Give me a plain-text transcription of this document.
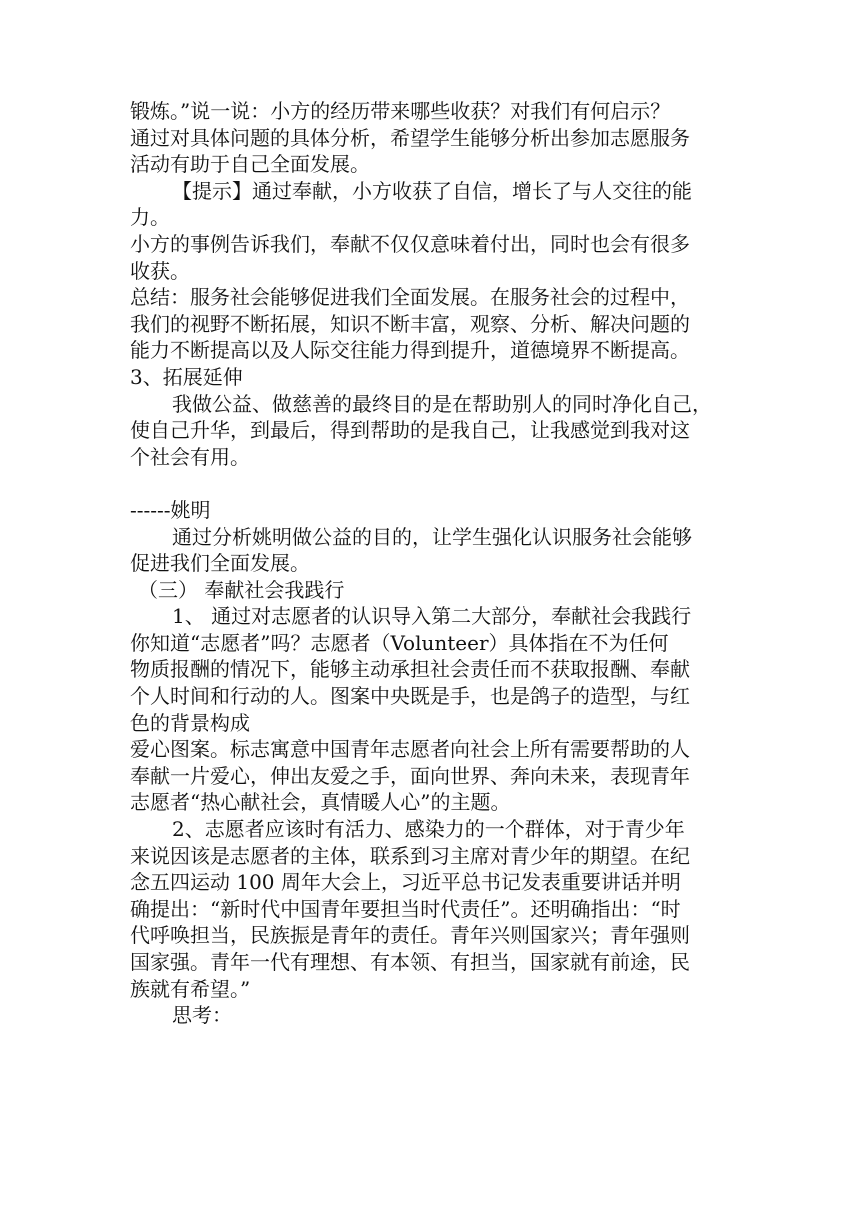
锻炼。”说一说：小方的经历带来哪些收获？对我们有何启示？
通过对具体问题的具体分析，希望学生能够分析出参加志愿服务
活动有助于自己全面发展。
【提示】通过奉献，小方收获了自信，增长了与人交往的能
力。
小方的事例告诉我们，奉献不仅仅意味着付出，同时也会有很多
收获。
总结：服务社会能够促进我们全面发展。在服务社会的过程中，
我们的视野不断拓展，知识不断丰富，观察、分析、解决问题的
能力不断提高以及人际交往能力得到提升，道德境界不断提高。
3、拓展延伸
我做公益、做慈善的最终目的是在帮助别人的同时净化自己，
使自己升华，到最后，得到帮助的是我自己，让我感觉到我对这
个社会有用。
------姚明
通过分析姚明做公益的目的，让学生强化认识服务社会能够
促进我们全面发展。
（三） 奉献社会我践行
1、 通过对志愿者的认识导入第二大部分，奉献社会我践行
你知道“志愿者”吗？志愿者（Volunteer）具体指在不为任何
物质报酬的情况下，能够主动承担社会责任而不获取报酬、奉献
个人时间和行动的人。图案中央既是手，也是鸽子的造型，与红
色的背景构成
爱心图案。标志寓意中国青年志愿者向社会上所有需要帮助的人
奉献一片爱心，伸出友爱之手，面向世界、奔向未来，表现青年
志愿者“热心献社会，真情暖人心”的主题。
2、志愿者应该时有活力、感染力的一个群体，对于青少年
来说因该是志愿者的主体，联系到习主席对青少年的期望。在纪
念五四运动 100 周年大会上，习近平总书记发表重要讲话并明
确提出：“新时代中国青年要担当时代责任”。还明确指出：“时
代呼唤担当，民族振是青年的责任。青年兴则国家兴；青年强则
国家强。青年一代有理想、有本领、有担当，国家就有前途，民
族就有希望。”
思考：
